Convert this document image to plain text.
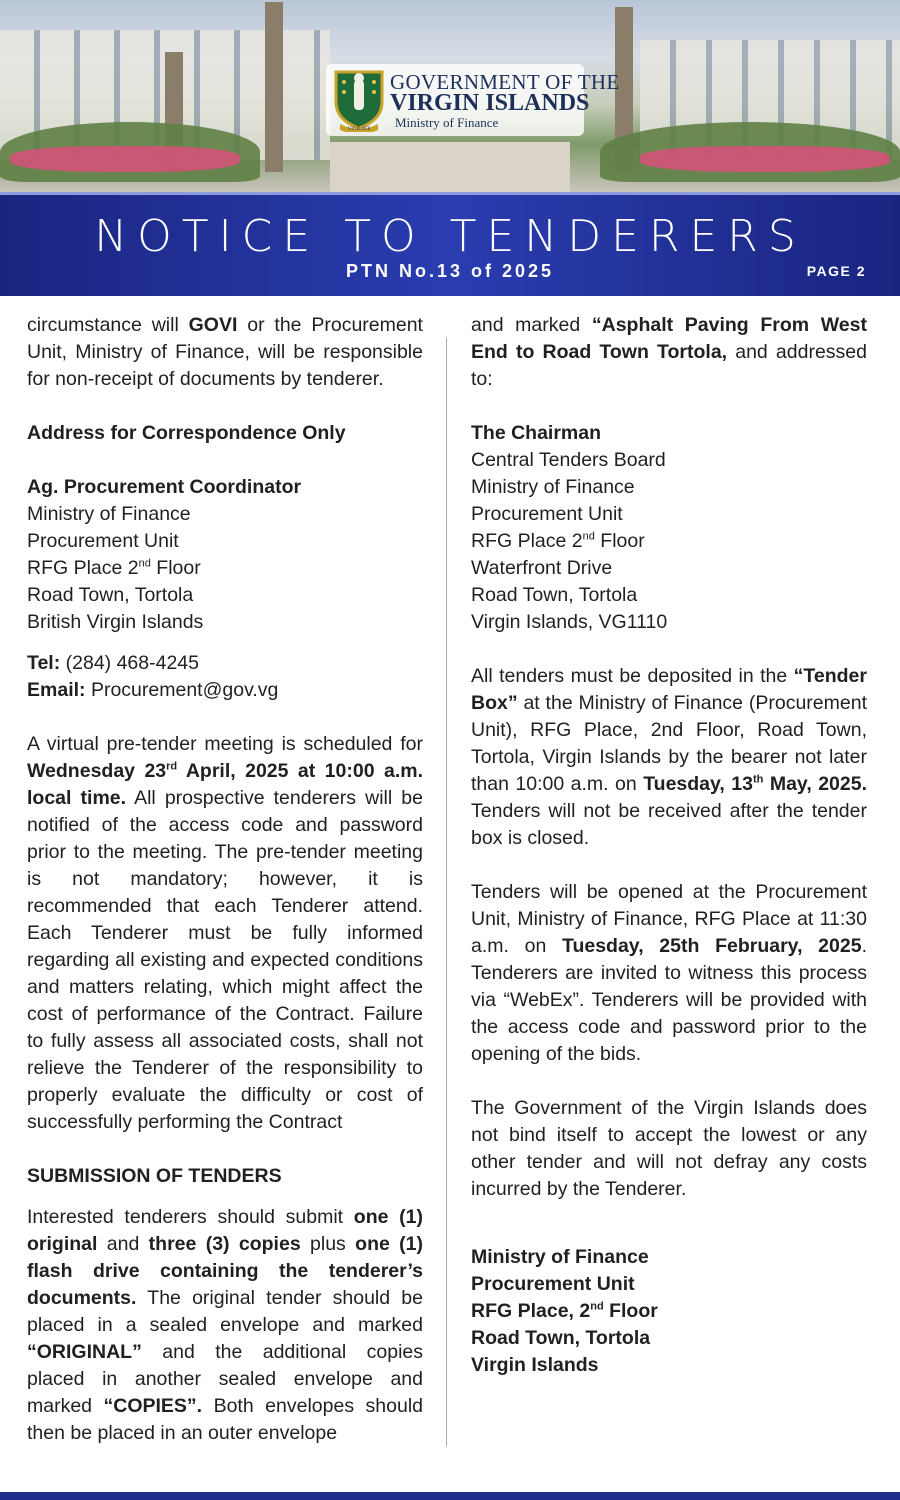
VIGILATE
GOVERNMENT OF THE
VIRGIN ISLANDS
Ministry of Finance
NOTICE TO TENDERERS
PTN No.13 of 2025	PAGE 2

circumstance will GOVI or the Procurement Unit, Ministry of Finance, will be responsible for non-receipt of documents by tenderer.

Address for Correspondence Only

Ag. Procurement Coordinator
Ministry of Finance
Procurement Unit
RFG Place 2nd Floor
Road Town, Tortola
British Virgin Islands

Tel: (284) 468-4245
Email: Procurement@gov.vg

A virtual pre-tender meeting is scheduled for Wednesday 23rd April, 2025 at 10:00 a.m. local time. All prospective tenderers will be notified of the access code and password prior to the meeting. The pre-tender meeting is not mandatory; however, it is recommended that each Tenderer attend. Each Tenderer must be fully informed regarding all existing and expected conditions and matters relating, which might affect the cost of performance of the Contract. Failure to fully assess all associated costs, shall not relieve the Tenderer of the responsibility to properly evaluate the difficulty or cost of successfully performing the Contract

SUBMISSION OF TENDERS

Interested tenderers should submit one (1) original and three (3) copies plus one (1) flash drive containing the tenderer’s documents. The original tender should be placed in a sealed envelope and marked “ORIGINAL” and the additional copies placed in another sealed envelope and marked “COPIES”. Both envelopes should then be placed in an outer envelope

and marked “Asphalt Paving From West End to Road Town Tortola, and addressed to:

The Chairman
Central Tenders Board
Ministry of Finance
Procurement Unit
RFG Place 2nd Floor
Waterfront Drive
Road Town, Tortola
Virgin Islands, VG1110

All tenders must be deposited in the “Tender Box” at the Ministry of Finance (Procurement Unit), RFG Place, 2nd Floor, Road Town, Tortola, Virgin Islands by the bearer not later than 10:00 a.m. on Tuesday, 13th May, 2025. Tenders will not be received after the tender box is closed.

Tenders will be opened at the Procurement Unit, Ministry of Finance, RFG Place at 11:30 a.m. on Tuesday, 25th February, 2025. Tenderers are invited to witness this process via “WebEx”. Tenderers will be provided with the access code and password prior to the opening of the bids.

The Government of the Virgin Islands does not bind itself to accept the lowest or any other tender and will not defray any costs incurred by the Tenderer.

Ministry of Finance
Procurement Unit
RFG Place, 2nd Floor
Road Town, Tortola
Virgin Islands
